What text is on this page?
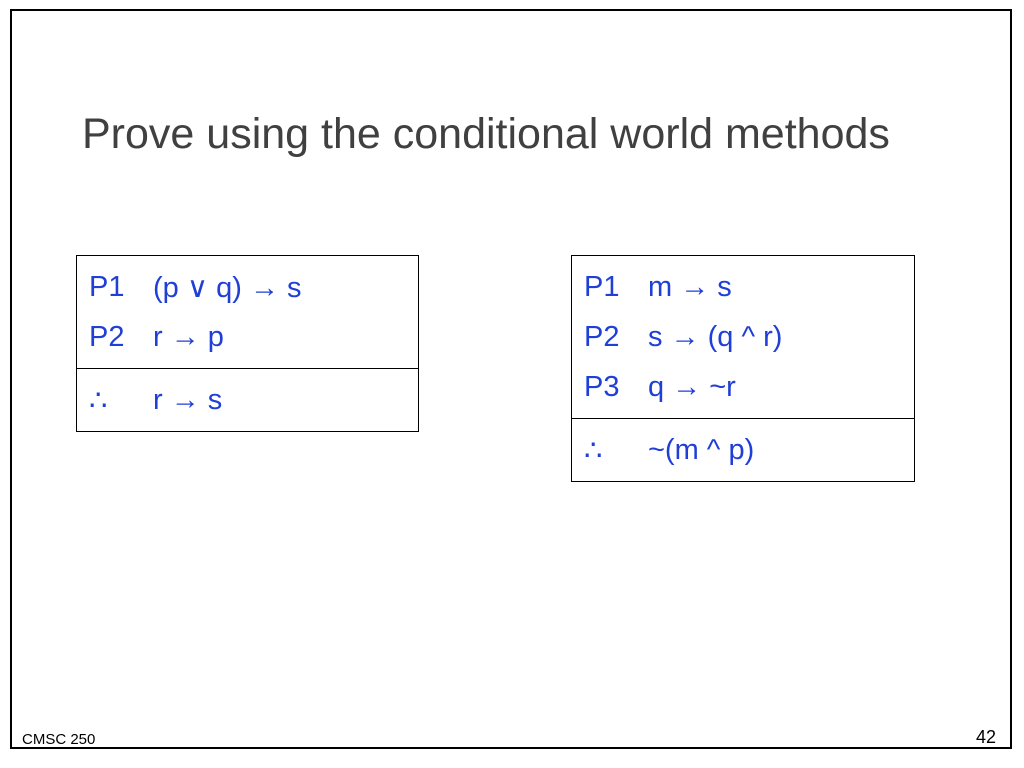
Prove using the conditional world methods
P1 (p ∨ q) → s
P2 r → p
∴	r → s
P1 m → s
P2 s → (q ^ r)
P3 q → ~r
∴	~(m ^ p)
CMSC 250	42
